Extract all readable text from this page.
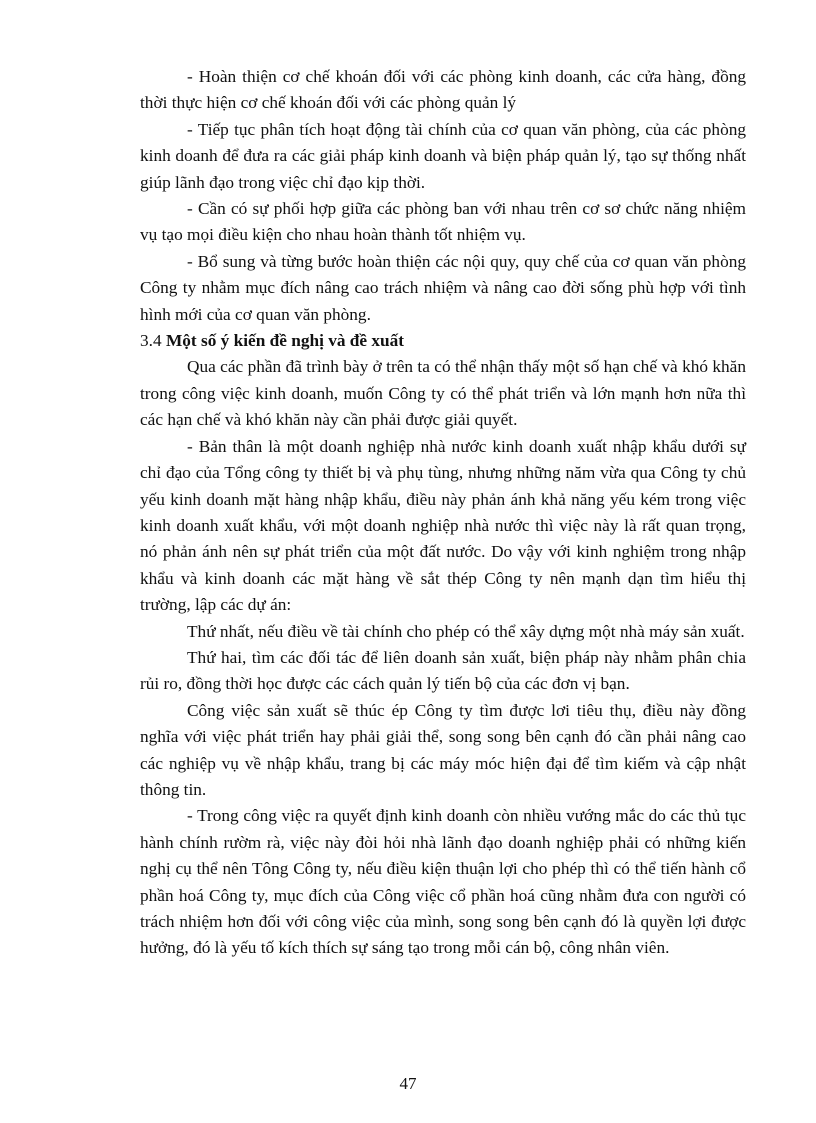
- Hoàn thiện cơ chế khoán đối với các phòng kinh doanh, các cửa hàng, đồng thời thực hiện cơ chế khoán đối với các phòng quản lý

- Tiếp tục phân tích hoạt động tài chính của cơ quan văn phòng, của các phòng kinh doanh để đưa ra các giải pháp kinh doanh và biện pháp quản lý, tạo sự thống nhất giúp lãnh đạo trong việc chỉ đạo kịp thời.

- Cần có sự phối hợp giữa các phòng ban với nhau trên cơ sơ chức năng nhiệm vụ tạo mọi điều kiện cho nhau hoàn thành tốt nhiệm vụ.

- Bổ sung và từng bước hoàn thiện các nội quy, quy chế của cơ quan văn phòng Công ty nhằm mục đích nâng cao trách nhiệm và nâng cao đời sống phù hợp với tình hình mới của cơ quan văn phòng.

3.4 Một số ý kiến đề nghị và đề xuất

Qua các phần đã trình bày ở trên ta có thể nhận thấy một số hạn chế và khó khăn trong công việc kinh doanh, muốn Công ty có thể phát triển và lớn mạnh hơn nữa thì các hạn chế và khó khăn này cần phải được giải quyết.

- Bản thân là một doanh nghiệp nhà nước kinh doanh xuất nhập khẩu dưới sự chỉ đạo của Tổng công ty thiết bị và phụ tùng, nhưng những năm vừa qua Công ty chủ yếu kinh doanh mặt hàng nhập khẩu, điều này phản ánh khả năng yếu kém trong việc kinh doanh xuất khẩu, với một doanh nghiệp nhà nước thì việc này là rất quan trọng, nó phản ánh nên sự phát triển của một đất nước. Do vậy với kinh nghiệm trong nhập khẩu và kinh doanh các mặt hàng về sắt thép Công ty nên mạnh dạn tìm hiểu thị trường, lập các dự án:

Thứ nhất, nếu điều về tài chính cho phép có thể xây dựng một nhà máy sản xuất.

Thứ hai, tìm các đối tác để liên doanh sản xuất, biện pháp này nhằm phân chia rủi ro, đồng thời học được các cách quản lý tiến bộ của các đơn vị bạn.

Công việc sản xuất sẽ thúc ép Công ty tìm được lơi tiêu thụ, điều này đồng nghĩa với việc phát triển hay phải giải thể, song song bên cạnh đó cần phải nâng cao các nghiệp vụ về nhập khẩu, trang bị các máy móc hiện đại để tìm kiếm và cập nhật thông tin.

- Trong công việc ra quyết định kinh doanh còn nhiều vướng mắc do các thủ tục hành chính rườm rà, việc này đòi hỏi nhà lãnh đạo doanh nghiệp phải có những kiến nghị cụ thể nên Tông Công ty, nếu điều kiện thuận lợi cho phép thì có thể tiến hành cổ phần hoá Công ty, mục đích của Công việc cổ phần hoá cũng nhằm đưa con người có trách nhiệm hơn đối với công việc của mình, song song bên cạnh đó là quyền lợi được hưởng, đó là yếu tố kích thích sự sáng tạo trong mỗi cán bộ, công nhân viên.

47
